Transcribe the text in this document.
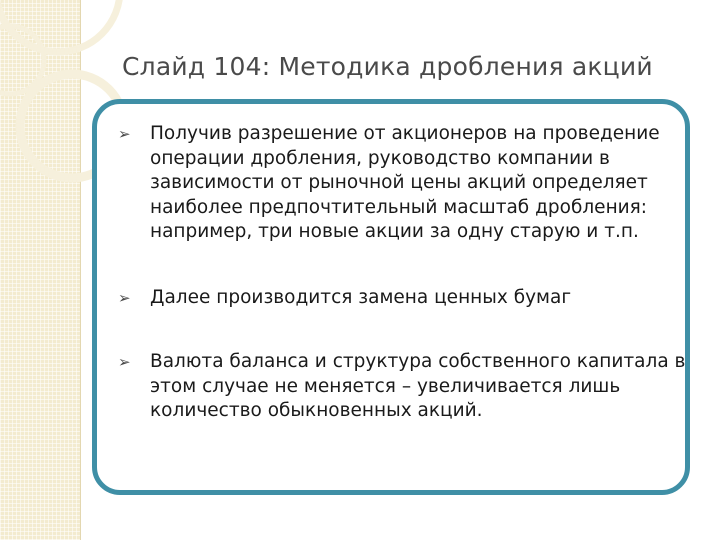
Слайд 104: Методика дробления акций
➢ Получив разрешение от акционеров на проведение операции дробления, руководство компании в зависимости от рыночной цены акций определяет наиболее предпочтительный масштаб дробления: например, три новые акции за одну старую и т.п.
➢ Далее производится замена ценных бумаг
➢ Валюта баланса и структура собственного капитала в этом случае не меняется – увеличивается лишь количество обыкновенных акций.
